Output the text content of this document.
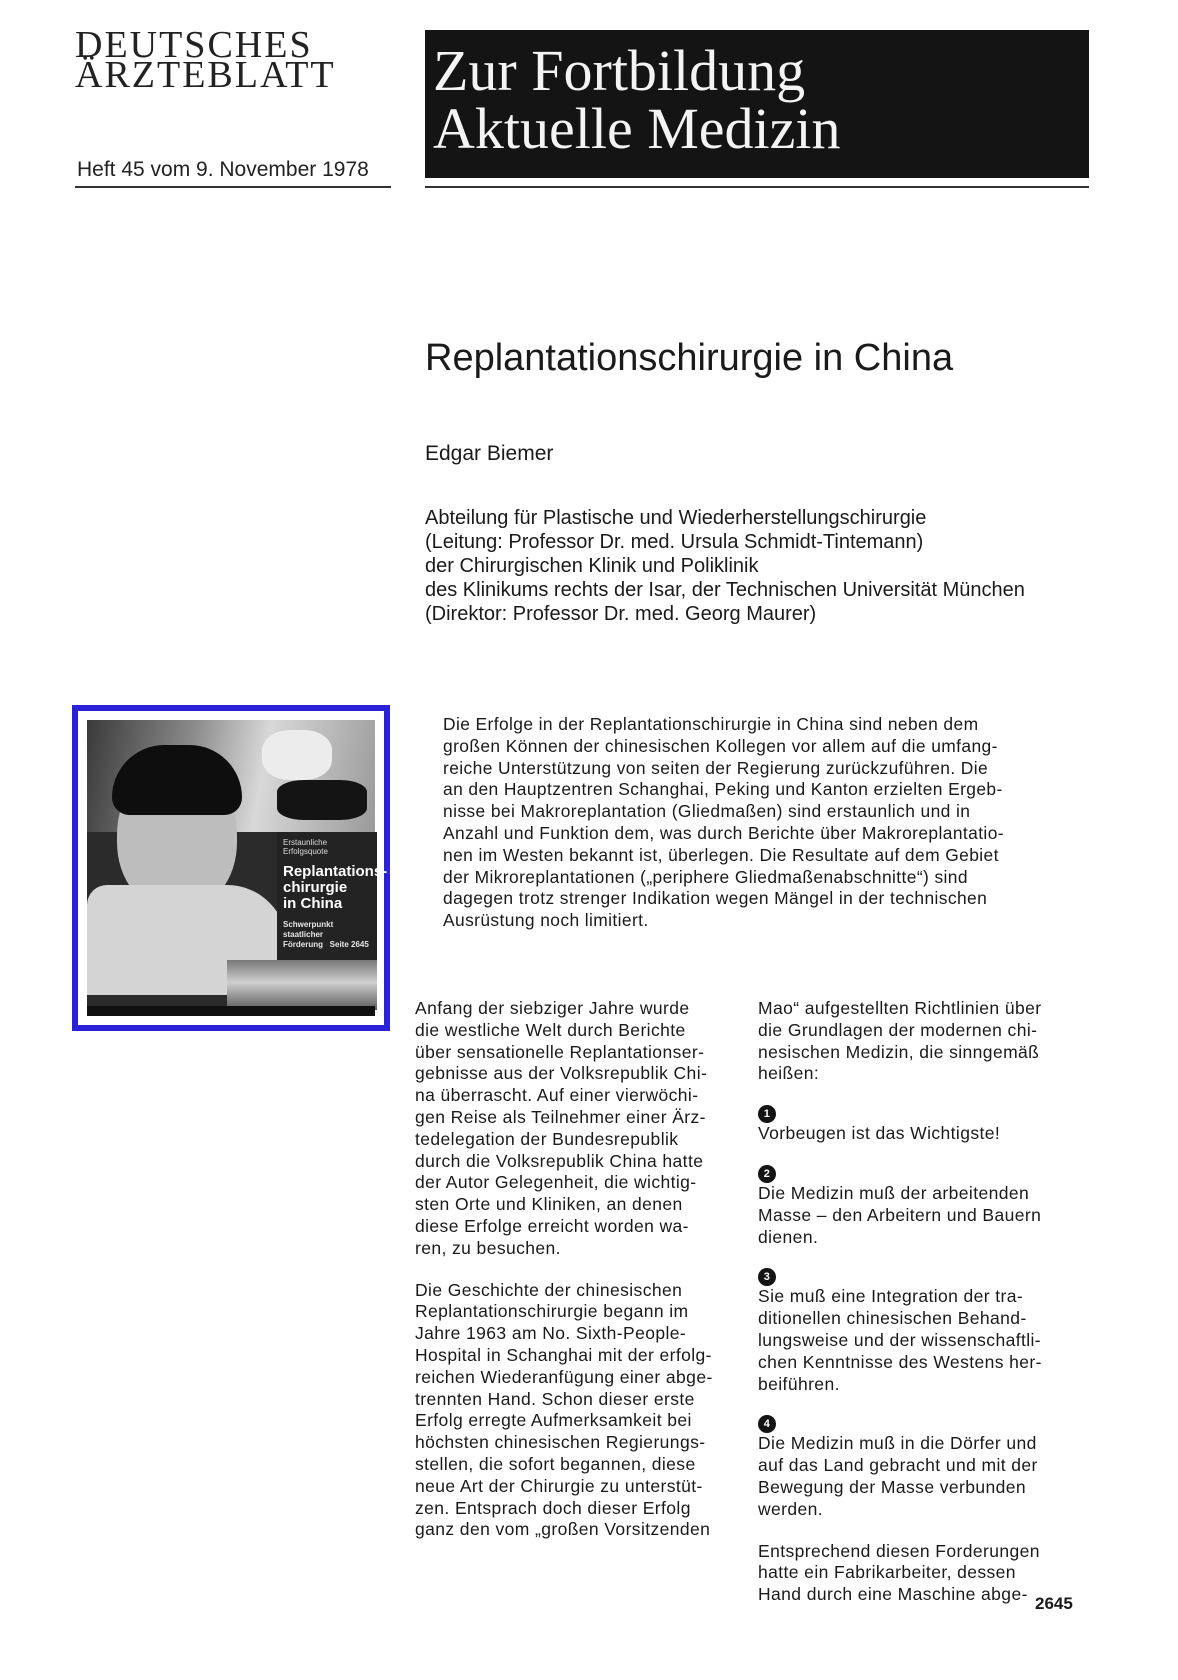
DEUTSCHES
ÄRZTEBLATT
Heft 45 vom 9. November 1978
Zur Fortbildung
Aktuelle Medizin
Replantationschirurgie in China
Edgar Biemer
Abteilung für Plastische und Wiederherstellungschirurgie
(Leitung: Professor Dr. med. Ursula Schmidt-Tintemann)
der Chirurgischen Klinik und Poliklinik
des Klinikums rechts der Isar, der Technischen Universität München
(Direktor: Professor Dr. med. Georg Maurer)
Erstaunliche Erfolgsquote
Replantations-
chirurgie
in China
Schwerpunkt staatlicher
Förderung Seite 2645
Die Erfolge in der Replantationschirurgie in China sind neben dem
großen Können der chinesischen Kollegen vor allem auf die umfang-
reiche Unterstützung von seiten der Regierung zurückzuführen. Die
an den Hauptzentren Schanghai, Peking und Kanton erzielten Ergeb-
nisse bei Makroreplantation (Gliedmaßen) sind erstaunlich und in
Anzahl und Funktion dem, was durch Berichte über Makroreplantatio-
nen im Westen bekannt ist, überlegen. Die Resultate auf dem Gebiet
der Mikroreplantationen („periphere Gliedmaßenabschnitte“) sind
dagegen trotz strenger Indikation wegen Mängel in der technischen
Ausrüstung noch limitiert.
Anfang der siebziger Jahre wurde
die westliche Welt durch Berichte
über sensationelle Replantationser-
gebnisse aus der Volksrepublik Chi-
na überrascht. Auf einer vierwöchi-
gen Reise als Teilnehmer einer Ärz-
tedelegation der Bundesrepublik
durch die Volksrepublik China hatte
der Autor Gelegenheit, die wichtig-
sten Orte und Kliniken, an denen
diese Erfolge erreicht worden wa-
ren, zu besuchen.
Die Geschichte der chinesischen
Replantationschirurgie begann im
Jahre 1963 am No. Sixth-People-
Hospital in Schanghai mit der erfolg-
reichen Wiederanfügung einer abge-
trennten Hand. Schon dieser erste
Erfolg erregte Aufmerksamkeit bei
höchsten chinesischen Regierungs-
stellen, die sofort begannen, diese
neue Art der Chirurgie zu unterstüt-
zen. Entsprach doch dieser Erfolg
ganz den vom „großen Vorsitzenden
Mao“ aufgestellten Richtlinien über
die Grundlagen der modernen chi-
nesischen Medizin, die sinngemäß
heißen:
1
Vorbeugen ist das Wichtigste!
2
Die Medizin muß der arbeitenden
Masse – den Arbeitern und Bauern
dienen.
3
Sie muß eine Integration der tra-
ditionellen chinesischen Behand-
lungsweise und der wissenschaftli-
chen Kenntnisse des Westens her-
beiführen.
4
Die Medizin muß in die Dörfer und
auf das Land gebracht und mit der
Bewegung der Masse verbunden
werden.
Entsprechend diesen Forderungen
hatte ein Fabrikarbeiter, dessen
Hand durch eine Maschine abge- 2645
